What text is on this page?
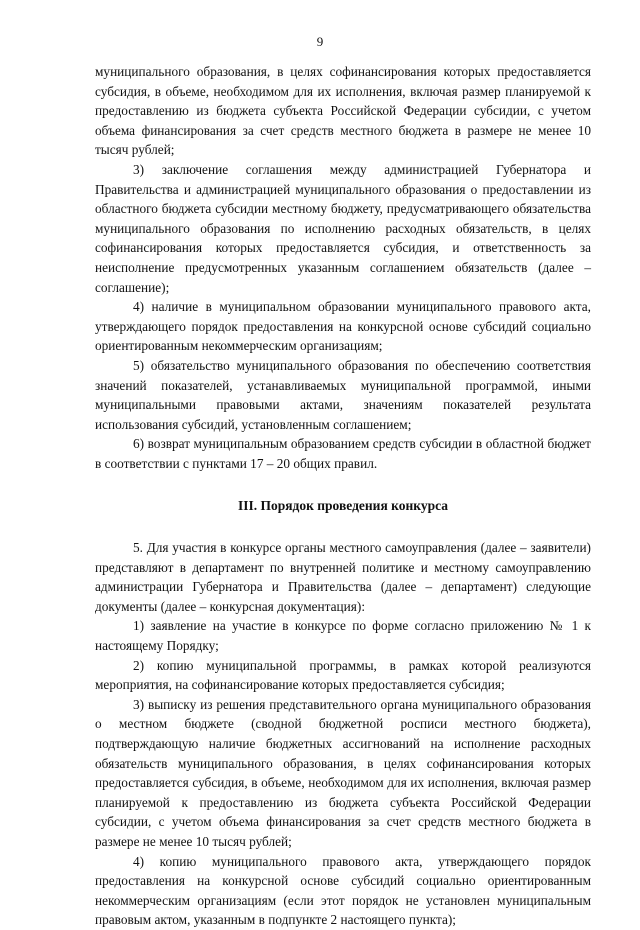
9

муниципального образования, в целях софинансирования которых предоставляется субсидия, в объеме, необходимом для их исполнения, включая размер планируемой к предоставлению из бюджета субъекта Российской Федерации субсидии, с учетом объема финансирования за счет средств местного бюджета в размере не менее 10 тысяч рублей;

3) заключение соглашения между администрацией Губернатора и Правительства и администрацией муниципального образования о предоставлении из областного бюджета субсидии местному бюджету, предусматривающего обязательства муниципального образования по исполнению расходных обязательств, в целях софинансирования которых предоставляется субсидия, и ответственность за неисполнение предусмотренных указанным соглашением обязательств (далее – соглашение);

4) наличие в муниципальном образовании муниципального правового акта, утверждающего порядок предоставления на конкурсной основе субсидий социально ориентированным некоммерческим организациям;

5) обязательство муниципального образования по обеспечению соответствия значений показателей, устанавливаемых муниципальной программой, иными муниципальными правовыми актами, значениям показателей результата использования субсидий, установленным соглашением;

6) возврат муниципальным образованием средств субсидии в областной бюджет в соответствии с пунктами 17 – 20 общих правил.

III. Порядок проведения конкурса

5. Для участия в конкурсе органы местного самоуправления (далее – заявители) представляют в департамент по внутренней политике и местному самоуправлению администрации Губернатора и Правительства (далее – департамент) следующие документы (далее – конкурсная документация):

1) заявление на участие в конкурсе по форме согласно приложению № 1 к настоящему Порядку;

2) копию муниципальной программы, в рамках которой реализуются мероприятия, на софинансирование которых предоставляется субсидия;

3) выписку из решения представительного органа муниципального образования о местном бюджете (сводной бюджетной росписи местного бюджета), подтверждающую наличие бюджетных ассигнований на исполнение расходных обязательств муниципального образования, в целях софинансирования которых предоставляется субсидия, в объеме, необходимом для их исполнения, включая размер планируемой к предоставлению из бюджета субъекта Российской Федерации субсидии, с учетом объема финансирования за счет средств местного бюджета в размере не менее 10 тысяч рублей;

4) копию муниципального правового акта, утверждающего порядок предоставления на конкурсной основе субсидий социально ориентированным некоммерческим организациям (если этот порядок не установлен муниципальным правовым актом, указанным в подпункте 2 настоящего пункта);
